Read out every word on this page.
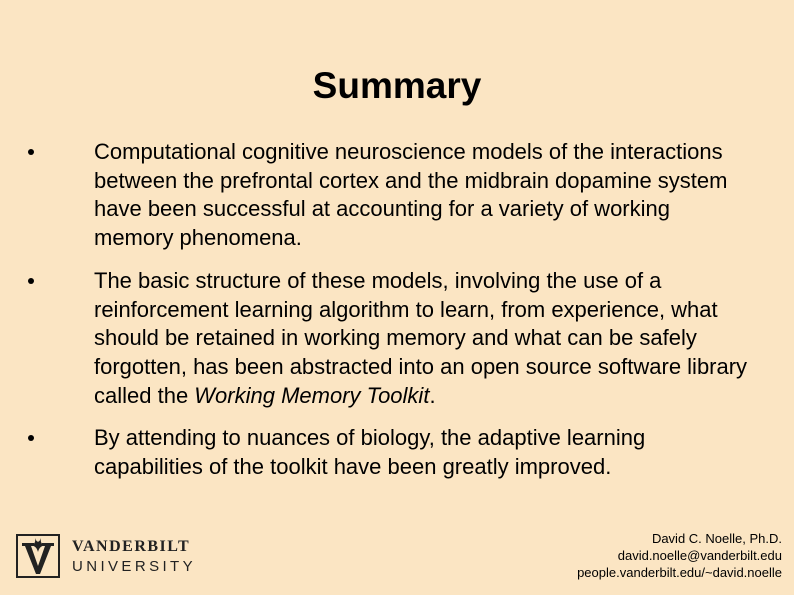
Summary
Computational cognitive neuroscience models of the interactions between the prefrontal cortex and the midbrain dopamine system have been successful at accounting for a variety of working memory phenomena.
The basic structure of these models, involving the use of a reinforcement learning algorithm to learn, from experience, what should be retained in working memory and what can be safely forgotten, has been abstracted into an open source software library called the Working Memory Toolkit.
By attending to nuances of biology, the adaptive learning capabilities of the toolkit have been greatly improved.
VANDERBILT
UNIVERSITY
David C. Noelle, Ph.D.
david.noelle@vanderbilt.edu
people.vanderbilt.edu/~david.noelle
